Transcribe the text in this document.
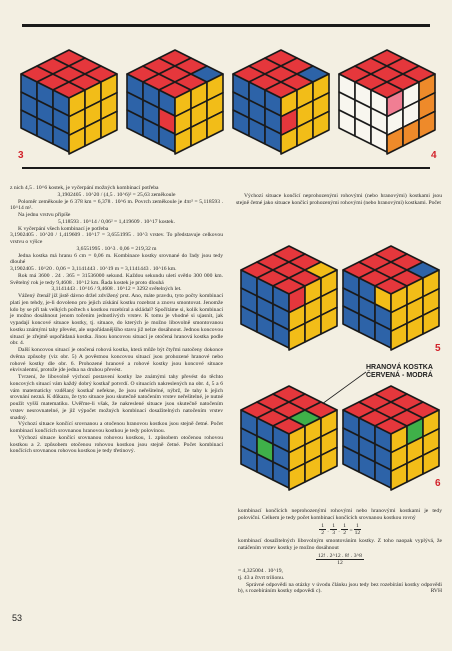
3	4

z nich 4,5 . 10^6 kostek, je vyčerpání možných kombinací potřeba

3,1902405 . 10^20 / (4,5 . 10^6)² = 25,63 zeměkoule

Poloměr zeměkoule je 6 378 km = 6,378 . 10^6 m. Povrch zeměkoule je 4πr² = 5,118593 . 10^14 m².

Na jednu vrstvu připíše

5,118593 . 10^14 / 0,06² = 1,419609 . 10^17 kostek.

K vyčerpání všech kombinací je potřeba

3,1902405 . 10^20 / 1,419609 . 10^17 = 3,6551995 . 10^3 vrstev. To představuje celkovou vrstvu o výšce

3,6551995 . 10^3 . 0,06 = 219,32 m

Jedna kostka má hranu 6 cm = 0,06 m. Kombinace kostky srovnané do řady jsou tedy dlouhé

3,1902405 . 10^20 . 0,06 = 3,1141443 . 10^19 m = 3,1141443 . 10^16 km.

Rok má 3600 . 24 . 365 = 31536000 sekund. Každou sekundu uletí světlo 300 000 km. Světelný rok je tedy 9,4608 . 10^12 km. Řada kostek je proto dlouhá

3,1141443 . 10^16 / 9,4608 . 10^12 = 3292 světelných let.

Vážený čtenář jíž jistě dávno držel zdvižený prst. Ano, máte pravdu, tyto počty kombinací platí jen tehdy, je-li dovoleno pro jejich získání kostku rozebrat a znovu smontovat. Jenomže kdo by se při tak velkých počtech s kostkou rozebíral a skládal? Spočítáme si, kolik kombinací je možno dosáhnout jenom točením jednotlivých vrstev. K tomu je vhodné si ujasnit, jak vypadají koncové situace kostky, tj. situace, do kterých je možno libovolně smontovanou kostku známými tahy převést, ale uspořádanějšího stavu již nelze dosáhnout. Jednou koncovou situací je zřejmě uspořádaná kostka. Jinou koncovou situací je otočená hranová kostka podle obr. 4.

Další koncovou situací je otočená rohová kostka, která může být čtyřmi natočeny dokonce dvěma způsoby (viz obr. 5) A pověstnou koncovou situací jsou prohozené hranové nebo rohové kostky dle obr. 6. Prohozené hranové a rohové kostky jsou koncové situace ekvivalentní, protože jde jedna na druhou převést.

Tvrzení, že libovolně výchozí postavení kostky lze známými tahy převést do těchto koncových situací vám každý dobrý kostkař potvrdí. O situacích nakreslených na obr. 4, 5 a 6 vám matematicky vzdělaný kostkař nefekne, že jsou neřešitelné, nýbrž, že tahy k jejich srovnání nezná. K důkazu, že tyto situace jsou skutečně natočením vrstev neřešitelné, je nutné použít vyšší matematiku. Uvěřme-li však, že nakreslené situace jsou skutečně natočením vrstev nesrovnatelné, je již výpočet možných kombinací dosažitelných natočením vrstev snadný.

Výchozí situace končící srovnanou a otočenou hranovou kostkou jsou stejně četné. Počet kombinací končících srovnanou hranovou kostkou je tedy polovinou.

Výchozí situace končící srovnanou rohovou kostkou, 1. způsobem otočenou rohovou kostkou a 2. způsobem otočenou rohovou kostkou jsou stejně četné. Počet kombinací končících srovnanou rohovou kostkou je tedy třetinový.

Výchozí situace končící neprohozenými rohovými (nebo hranovými) kostkami jsou stejně četné jako situace končící prohozenými rohovými (nebo hranovými) kostkami. Počet

5
HRANOVÁ KOSTKA
ČERVENÁ - MODRÁ
6

kombinací končících neprohozenými rohovými nebo hranovými kostkami je tedy poloviční. Celkem je tedy počet kombinací končících srovnanou kostkou rovný

$\frac{1}{2}$ . $\frac{1}{3}$ . $\frac{1}{2} = \frac{1}{12}$

kombinací dosažitelných libovolným smontováním kostky. Z toho naopak vyplývá, že natáčením vrstev kostky je možno dosáhnout

$\frac{12! . 2\^{}12 . 8! . 3\^{}8}{12}$

= 4,325004 . 10^19,

tj. 43 a čtvrt trilionu.

Správné odpovědi na otázky v úvodu článku jsou tedy bez rozebírání kostky odpovědi b), s rozebíráním kostky odpovědi c).	RVH

53
